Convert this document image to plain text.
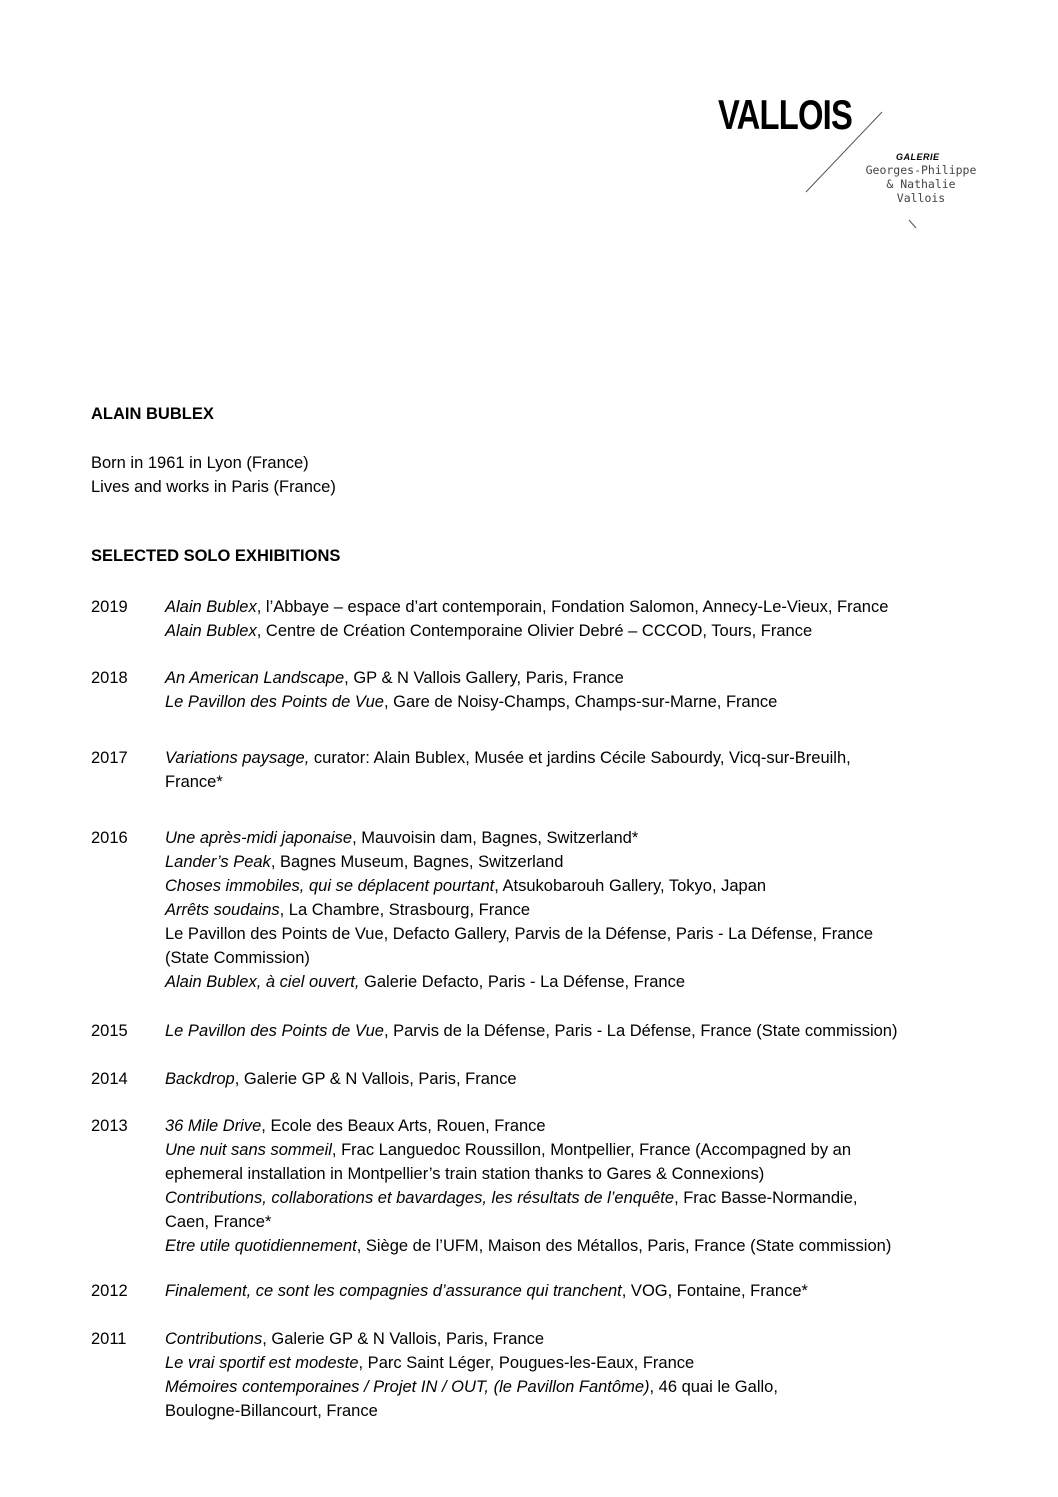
VALLOIS
GALERIE
Georges-Philippe
& Nathalie
Vallois
ALAIN BUBLEX
Born in 1961 in Lyon (France)
Lives and works in Paris (France)
SELECTED SOLO EXHIBITIONS
2019	Alain Bublex, l’Abbaye – espace d’art contemporain, Fondation Salomon, Annecy-Le-Vieux, France
Alain Bublex, Centre de Création Contemporaine Olivier Debré – CCCOD, Tours, France
2018	An American Landscape, GP & N Vallois Gallery, Paris, France
Le Pavillon des Points de Vue, Gare de Noisy-Champs, Champs-sur-Marne, France
2017	Variations paysage, curator: Alain Bublex, Musée et jardins Cécile Sabourdy, Vicq-sur-Breuilh,
France*
2016	Une après-midi japonaise, Mauvoisin dam, Bagnes, Switzerland*
Lander’s Peak, Bagnes Museum, Bagnes, Switzerland
Choses immobiles, qui se déplacent pourtant, Atsukobarouh Gallery, Tokyo, Japan
Arrêts soudains, La Chambre, Strasbourg, France
Le Pavillon des Points de Vue, Defacto Gallery, Parvis de la Défense, Paris - La Défense, France
(State Commission)
Alain Bublex, à ciel ouvert, Galerie Defacto, Paris - La Défense, France
2015	Le Pavillon des Points de Vue, Parvis de la Défense, Paris - La Défense, France (State commission)
2014	Backdrop, Galerie GP & N Vallois, Paris, France
2013	36 Mile Drive, Ecole des Beaux Arts, Rouen, France
Une nuit sans sommeil, Frac Languedoc Roussillon, Montpellier, France (Accompagned by an
ephemeral installation in Montpellier’s train station thanks to Gares & Connexions)
Contributions, collaborations et bavardages, les résultats de l’enquête, Frac Basse-Normandie,
Caen, France*
Etre utile quotidiennement, Siège de l’UFM, Maison des Métallos, Paris, France (State commission)
2012	Finalement, ce sont les compagnies d’assurance qui tranchent, VOG, Fontaine, France*
2011	Contributions, Galerie GP & N Vallois, Paris, France
Le vrai sportif est modeste, Parc Saint Léger, Pougues-les-Eaux, France
Mémoires contemporaines / Projet IN / OUT, (le Pavillon Fantôme), 46 quai le Gallo,
Boulogne-Billancourt, France
